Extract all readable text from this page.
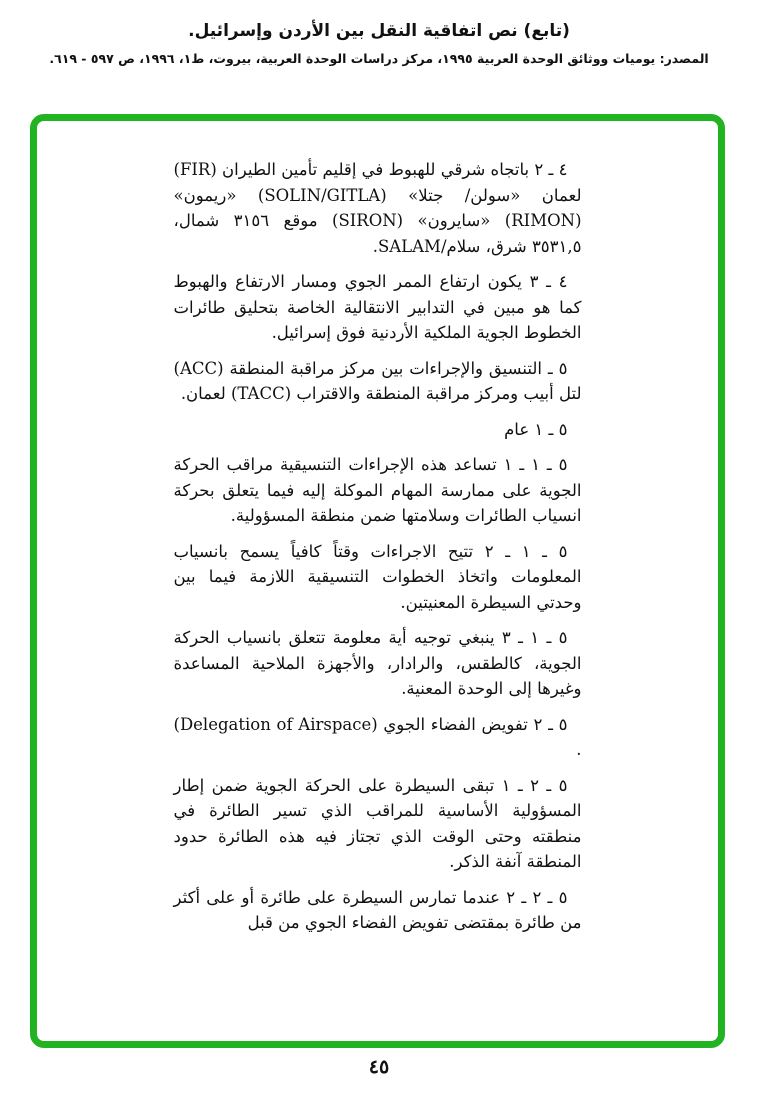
(تابع) نص اتفاقية النقل بين الأردن وإسرائيل.
المصدر: يوميات ووثائق الوحدة العربية ١٩٩٥، مركز دراسات الوحدة العربية، بيروت، ط١، ١٩٩٦، ص ٥٩٧ - ٦١٩.

٤ ـ ٢ باتجاه شرقي للهبوط في إقليم تأمين الطيران (FIR) لعمان «سولن/ جتلا» (SOLIN/GITLA) «ريمون» (RIMON) «سايرون» (SIRON) موقع ٣١٥٦ شمال، ٣٥٣١,٥ شرق، سلام/SALAM.

٤ ـ ٣ يكون ارتفاع الممر الجوي ومسار الارتفاع والهبوط كما هو مبين في التدابير الانتقالية الخاصة بتحليق طائرات الخطوط الجوية الملكية الأردنية فوق إسرائيل.

٥ ـ التنسيق والإجراءات بين مركز مراقبة المنطقة (ACC) لتل أبيب ومركز مراقبة المنطقة والاقتراب (TACC) لعمان.

٥ ـ ١ عام

٥ ـ ١ ـ ١ تساعد هذه الإجراءات التنسيقية مراقب الحركة الجوية على ممارسة المهام الموكلة إليه فيما يتعلق بحركة انسياب الطائرات وسلامتها ضمن منطقة المسؤولية.

٥ ـ ١ ـ ٢ تتيح الاجراءات وقتاً كافياً يسمح بانسياب المعلومات واتخاذ الخطوات التنسيقية اللازمة فيما بين وحدتي السيطرة المعنيتين.

٥ ـ ١ ـ ٣ ينبغي توجيه أية معلومة تتعلق بانسياب الحركة الجوية، كالطقس، والرادار، والأجهزة الملاحية المساعدة وغيرها إلى الوحدة المعنية.

٥ ـ ٢ تفويض الفضاء الجوي (Delegation of Airspace) .

٥ ـ ٢ ـ ١ تبقى السيطرة على الحركة الجوية ضمن إطار المسؤولية الأساسية للمراقب الذي تسير الطائرة في منطقته وحتى الوقت الذي تجتاز فيه هذه الطائرة حدود المنطقة آنفة الذكر.

٥ ـ ٢ ـ ٢ عندما تمارس السيطرة على طائرة أو على أكثر من طائرة بمقتضى تفويض الفضاء الجوي من قبل

٤٥
